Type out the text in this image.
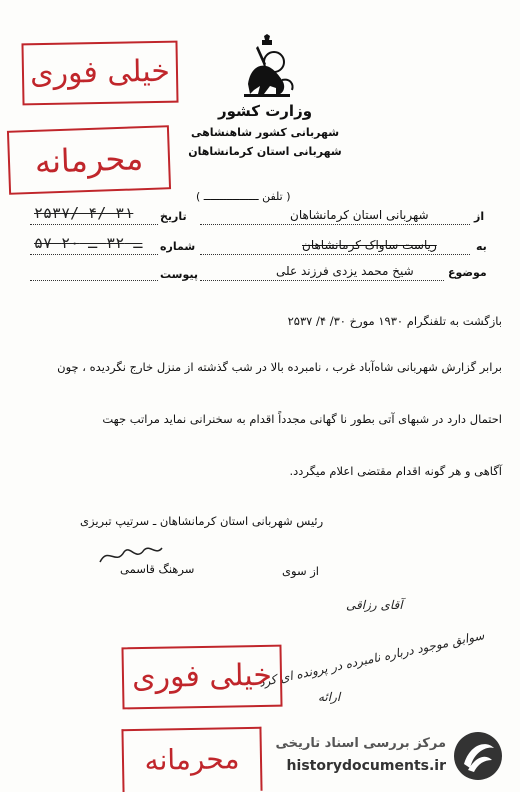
خیلی فوری
محرمانه
وزارت کشور
شهربانی کشور شاهنشاهی
شهربانی استان کرمانشاهان
( تلفن ـــــــــــــــــ )
۲۵۳۷/ ۴/ ۳۱ تاریخ
۵۷ ـ ۳۲ ـ ۲۰ شماره
پیوست
از
شهربانی استان کرمانشاهان
به
ریاست ساواک کرمانشاهان
موضوع
شیخ محمد یزدی فرزند علی
بازگشت به تلفنگرام ۱۹۳۰ مورخ ۳۰/ ۴/ ۲۵۳۷
برابر گزارش شهربانی شاه‌آباد غرب ، نامبرده بالا در شب گذشته از منزل خارج نگردیده ، چون
احتمال دارد در شبهای آتی بطور نا گهانی مجدداً اقدام به سخنرانی نماید مراتب جهت
آگاهی و هر گونه اقدام مقتضی اعلام میگردد.
رئیس شهربانی استان کرمانشاهان ـ سرتیپ تبریزی
از سوی
سرهنگ قاسمی
آقای رزاقی
سوابق موجود درباره نامبرده در پرونده ای کرد
ارائه
خیلی فوری
محرمانه	مرکز بررسی اسناد تاریخی
historydocuments.ir
